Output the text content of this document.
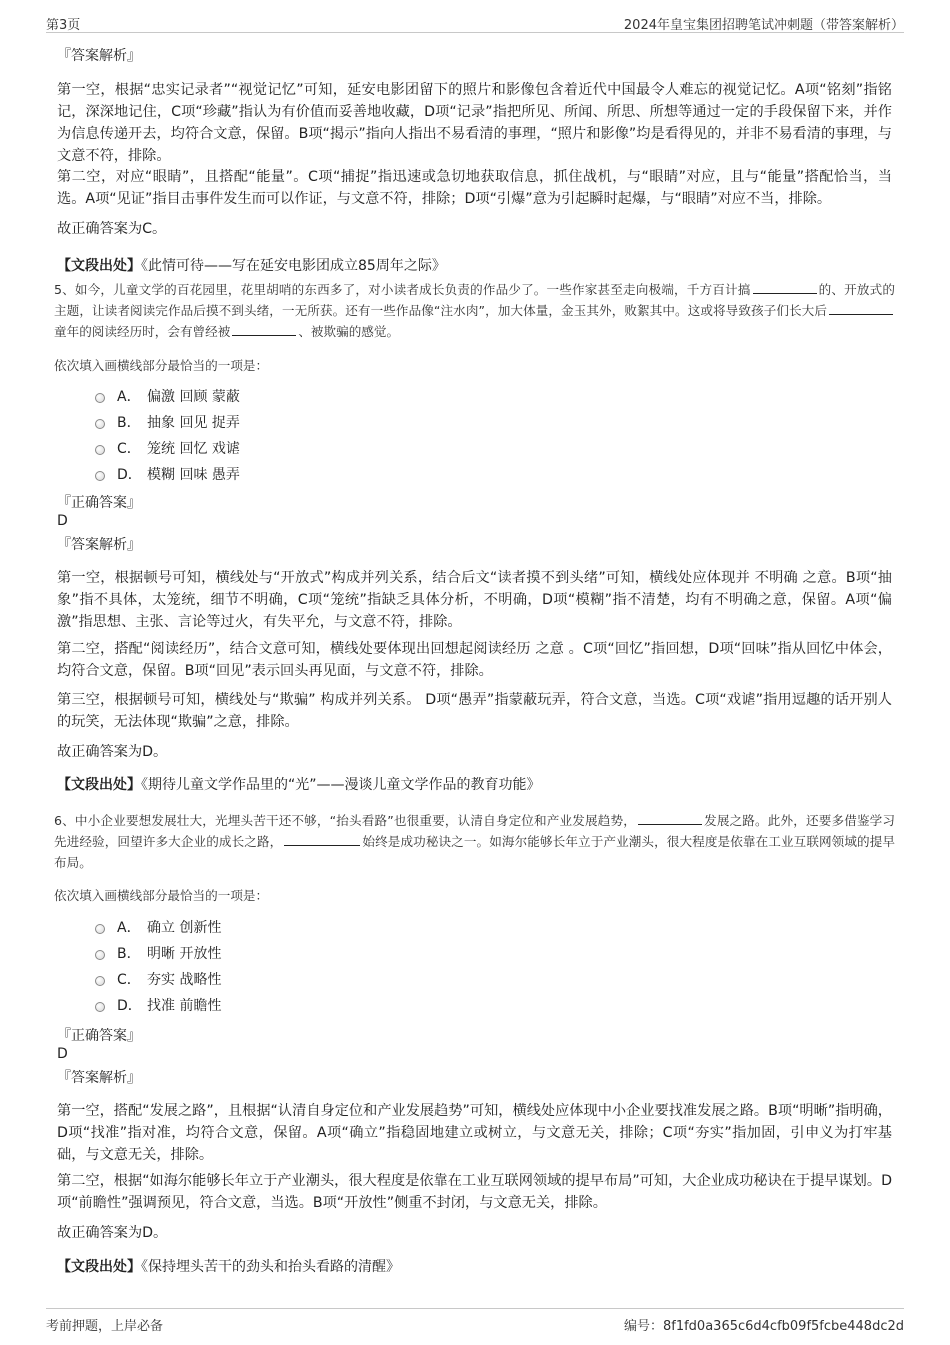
第3页	2024年皇宝集团招聘笔试冲刺题（带答案解析）
『答案解析』
第一空，根据“忠实记录者”“视觉记忆”可知，延安电影团留下的照片和影像包含着近代中国最令人难忘的视觉记忆。A项“铭刻”指铭记，深深地记住，C项“珍藏”指认为有价值而妥善地收藏，D项“记录”指把所见、所闻、所思、所想等通过一定的手段保留下来，并作为信息传递开去，均符合文意，保留。B项“揭示”指向人指出不易看清的事理，“照片和影像”均是看得见的，并非不易看清的事理，与文意不符，排除。
第二空，对应“眼睛”，且搭配“能量”。C项“捕捉”指迅速或急切地获取信息，抓住战机，与“眼睛”对应，且与“能量”搭配恰当，当选。A项“见证”指目击事件发生而可以作证，与文意不符，排除；D项“引爆”意为引起瞬时起爆，与“眼睛”对应不当，排除。
故正确答案为C。
【文段出处】《此情可待——写在延安电影团成立85周年之际》
5、如今，儿童文学的百花园里，花里胡哨的东西多了，对小读者成长负责的作品少了。一些作家甚至走向极端，千方百计搞	的、开放式的主题，让读者阅读完作品后摸不到头绪，一无所获。还有一些作品像“注水肉”，加大体量，金玉其外，败絮其中。这或将导致孩子们长大后童年的阅读经历时，会有曾经被	、被欺骗的感觉。
依次填入画横线部分最恰当的一项是：
A． 偏激 回顾 蒙蔽
B． 抽象 回见 捉弄
C． 笼统 回忆 戏谑
D． 模糊 回味 愚弄
『正确答案』
D
『答案解析』
第一空，根据顿号可知，横线处与“开放式”构成并列关系，结合后文“读者摸不到头绪”可知，横线处应体现并 不明确 之意。B项“抽象”指不具体，太笼统，细节不明确，C项“笼统”指缺乏具体分析，不明确，D项“模糊”指不清楚，均有不明确之意，保留。A项“偏激”指思想、主张、言论等过火，有失平允，与文意不符，排除。
第二空，搭配“阅读经历”，结合文意可知，横线处要体现出回想起阅读经历 之意 。C项“回忆”指回想，D项“回味”指从回忆中体会，均符合文意，保留。B项“回见”表示回头再见面，与文意不符，排除。
第三空，根据顿号可知，横线处与“欺骗” 构成并列关系。 D项“愚弄”指蒙蔽玩弄，符合文意，当选。C项“戏谑”指用逗趣的话开别人的玩笑，无法体现“欺骗”之意，排除。
故正确答案为D。
【文段出处】《期待儿童文学作品里的“光”——漫谈儿童文学作品的教育功能》
6、中小企业要想发展壮大，光埋头苦干还不够，“抬头看路”也很重要，认清自身定位和产业发展趋势，	发展之路。此外，还要多借鉴学习先进经验，回望许多大企业的成长之路，	始终是成功秘诀之一。如海尔能够长年立于产业潮头，很大程度是依靠在工业互联网领域的提早布局。
依次填入画横线部分最恰当的一项是：
A． 确立 创新性
B． 明晰 开放性
C． 夯实 战略性
D． 找准 前瞻性
『正确答案』
D
『答案解析』
第一空，搭配“发展之路”，且根据“认清自身定位和产业发展趋势”可知，横线处应体现中小企业要找准发展之路。B项“明晰”指明确，D项“找准”指对准，均符合文意，保留。A项“确立”指稳固地建立或树立，与文意无关，排除；C项“夯实”指加固，引申义为打牢基础，与文意无关，排除。
第二空，根据“如海尔能够长年立于产业潮头，很大程度是依靠在工业互联网领域的提早布局”可知，大企业成功秘诀在于提早谋划。D项“前瞻性”强调预见，符合文意，当选。B项“开放性”侧重不封闭，与文意无关，排除。
故正确答案为D。
【文段出处】《保持埋头苦干的劲头和抬头看路的清醒》
考前押题，上岸必备	编号：8f1fd0a365c6d4cfb09f5fcbe448dc2d
